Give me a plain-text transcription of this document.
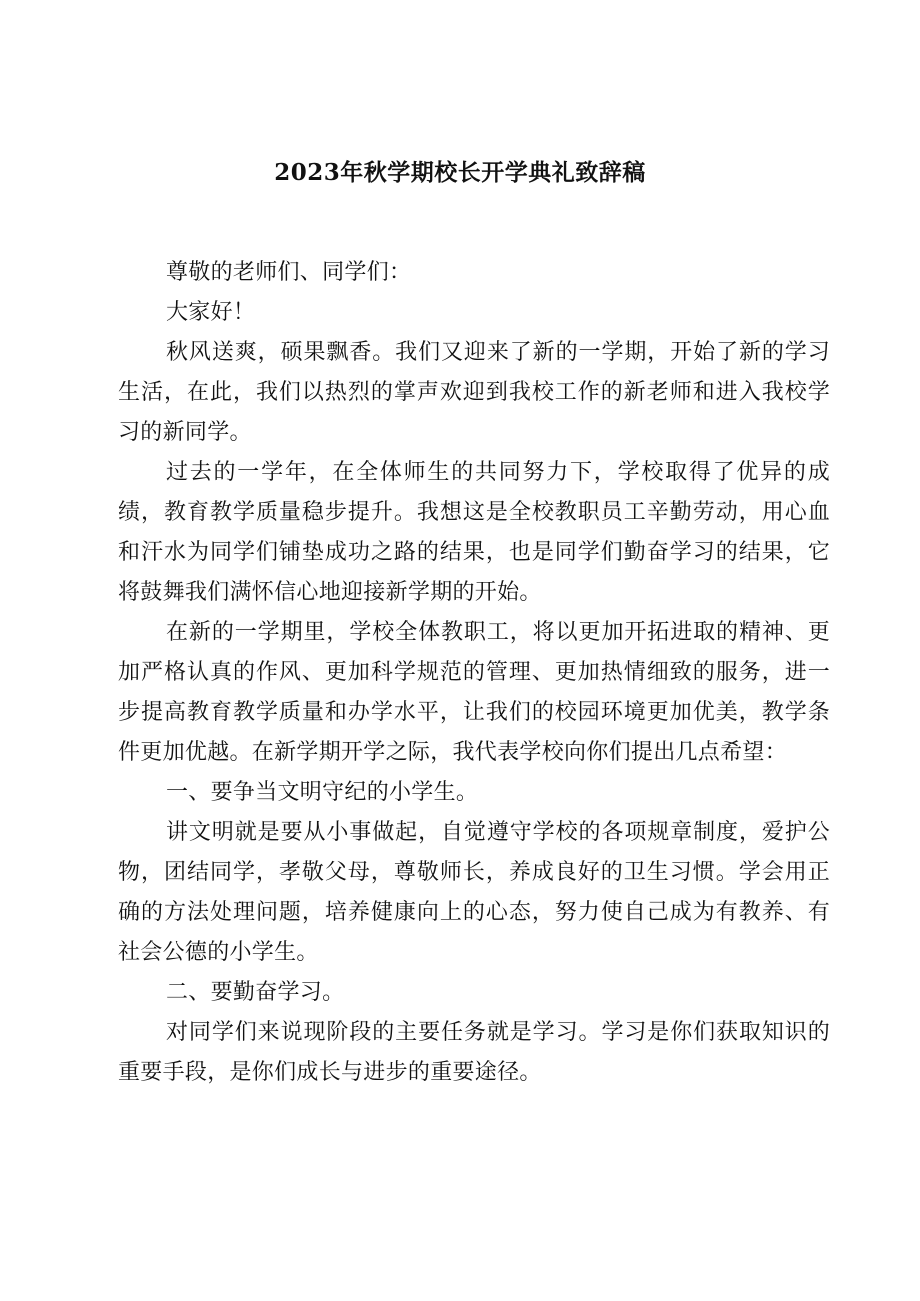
2023年秋学期校长开学典礼致辞稿

尊敬的老师们、同学们：

大家好！

秋风送爽，硕果飘香。我们又迎来了新的一学期，开始了新的学习生活，在此，我们以热烈的掌声欢迎到我校工作的新老师和进入我校学习的新同学。

过去的一学年，在全体师生的共同努力下，学校取得了优异的成绩，教育教学质量稳步提升。我想这是全校教职员工辛勤劳动，用心血和汗水为同学们铺垫成功之路的结果，也是同学们勤奋学习的结果，它将鼓舞我们满怀信心地迎接新学期的开始。

在新的一学期里，学校全体教职工，将以更加开拓进取的精神、更加严格认真的作风、更加科学规范的管理、更加热情细致的服务，进一步提高教育教学质量和办学水平，让我们的校园环境更加优美，教学条件更加优越。在新学期开学之际，我代表学校向你们提出几点希望：

一、要争当文明守纪的小学生。

讲文明就是要从小事做起，自觉遵守学校的各项规章制度，爱护公物，团结同学，孝敬父母，尊敬师长，养成良好的卫生习惯。学会用正确的方法处理问题，培养健康向上的心态，努力使自己成为有教养、有社会公德的小学生。

二、要勤奋学习。

对同学们来说现阶段的主要任务就是学习。学习是你们获取知识的重要手段，是你们成长与进步的重要途径。
